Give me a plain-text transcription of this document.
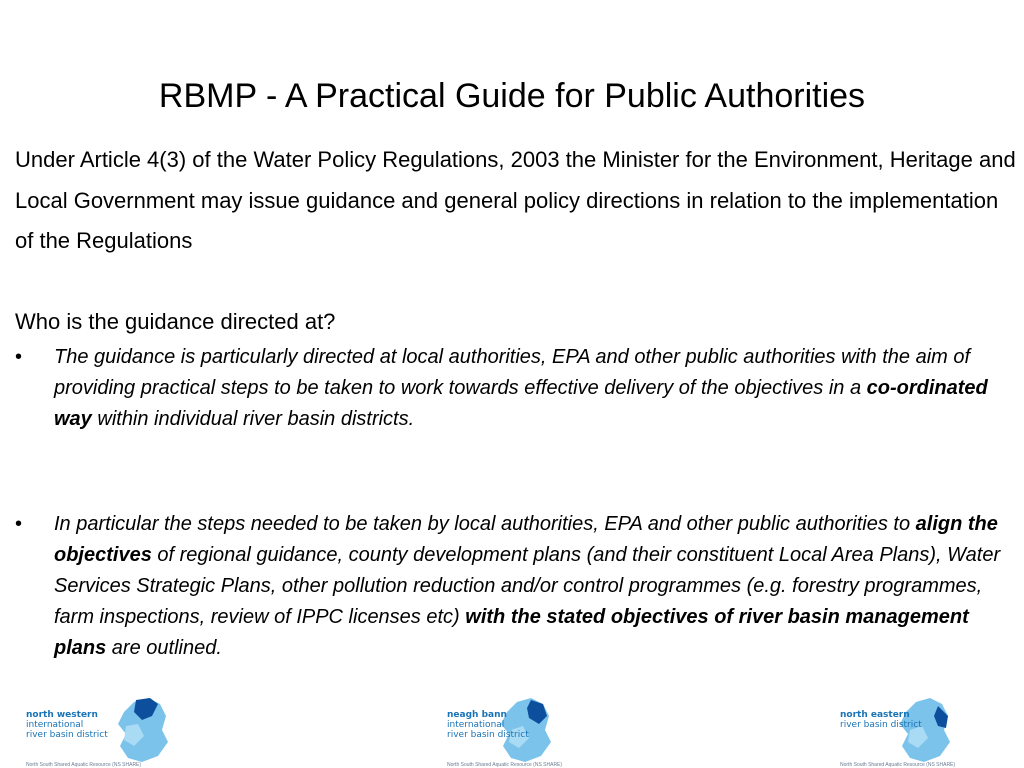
RBMP - A Practical Guide for Public Authorities
Under Article 4(3) of the Water Policy Regulations, 2003 the Minister for the Environment, Heritage and Local Government may issue guidance and general policy directions in relation to the implementation of the Regulations
Who is the guidance directed at?
• The guidance is particularly directed at local authorities, EPA and other public authorities with the aim of providing practical steps to be taken to work towards effective delivery of the objectives in a co-ordinated way within individual river basin districts.
• In particular the steps needed to be taken by local authorities, EPA and other public authorities to align the objectives of regional guidance, county development plans (and their constituent Local Area Plans), Water Services Strategic Plans, other pollution reduction and/or control programmes (e.g. forestry programmes, farm inspections, review of IPPC licenses etc) with the stated objectives of river basin management plans are outlined.
north western
international
river basin district
North South Shared Aquatic Resource (NS SHARE)
neagh bann
international
river basin district
North South Shared Aquatic Resource (NS SHARE)
north eastern
river basin district
North South Shared Aquatic Resource (NS SHARE)
